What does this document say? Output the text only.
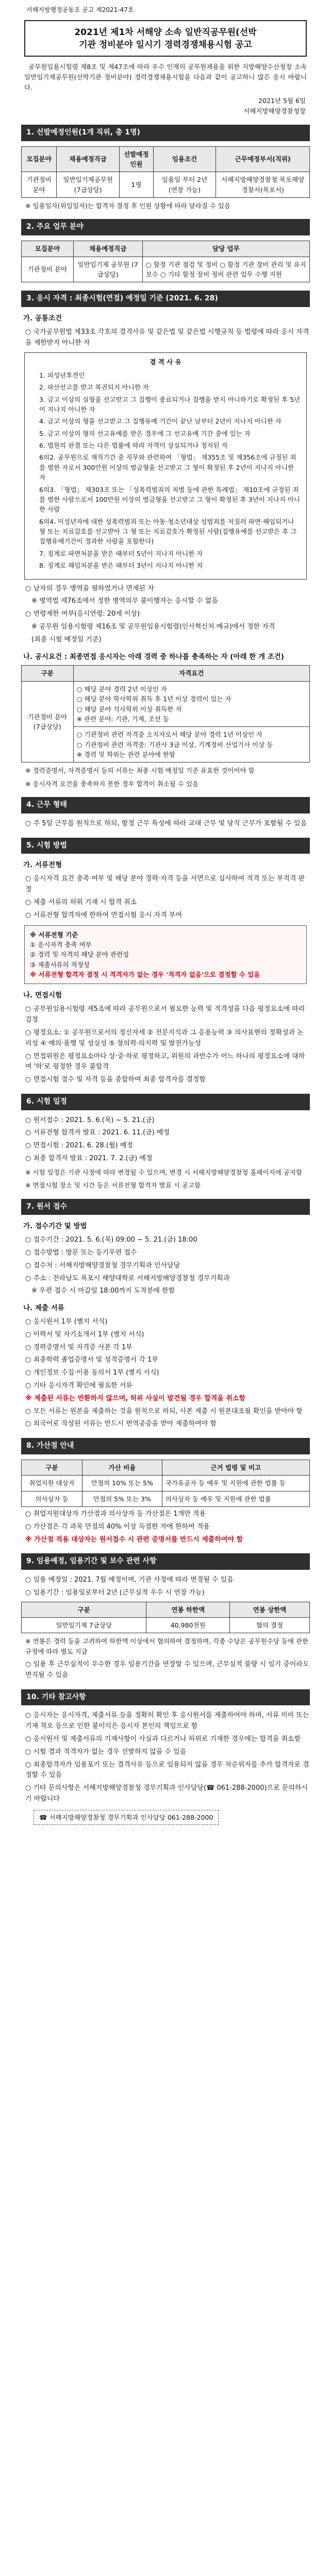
서해지방행정공동조 공고 제2021-47호
2021년 제1차 서해양 소속 일반직공무원(선박
기관 정비분야 일시기 경력경쟁채용시험 공고
공무원임용시험령 제8조 및 제47조에 따라 우수 인재의 공무원채용을 위한 지방해양수산청장 소속 일반임기제공무원(선박기관 정비분야) 경력경쟁채용시험을 다음과 같이 공고하니 많은 응시 바랍니다.
2021년 5월 6일
서해지방해양경찰청장
1. 선발예정인원(1개 직위, 총 1명)
모집분야	채용예정직급	선발예정인원	임용조건	근무예정부서(직위)
기관정비 분야	일반임기제공무원 (7급상당)	1명	임용일 부터 2년 (연장 가능)	서해지방해양경찰청 목포해양경찰서(목포서)
※ 임용일자(위임일자)는 합격자 결정 후 인원 상황에 따라 달라질 수 있음
2. 주요 업무 분야
모집분야	채용예정직급	담당 업무
기관정비 분야	일반임기제 공무원 (7급상당)	○ 함정 기관 점검 및 정비 ○ 함정 기관 장비 관리 및 유지 보수 ○ 기타 함정 장비 정비 관련 업무 수행 지원
3. 응시 자격 : 최종시험(면접) 예정일 기준 (2021. 6. 28)
가. 공통조건
○ 국가공무원법 제33조 각호의 결격사유 및 같은법 및 같은법 시행규칙 등 법령에 따라 응시 자격을 제한받지 아니한 자
결 격 사 유
1. 피성년후견인
2. 파산선고를 받고 복권되지 아니한 자
3. 금고 이상의 실형을 선고받고 그 집행이 종료되거나 집행을 받지 아니하기로 확정된 후 5년이 지나지 아니한 자
4. 금고 이상의 형을 선고받고 그 집행유예 기간이 끝난 날부터 2년이 지나지 아니한 자
5. 금고 이상의 형의 선고유예를 받은 경우에 그 선고유예 기간 중에 있는 자
6. 법원의 판결 또는 다른 법률에 따라 자격이 상실되거나 정지된 자
6의2. 공무원으로 재직기간 중 직무와 관련하여 「형법」 제355조 및 제356조에 규정된 죄를 범한 자로서 300만원 이상의 벌금형을 선고받고 그 형이 확정된 후 2년이 지나지 아니한 자
6의3. 「형법」 제303조 또는 「성폭력범죄의 처벌 등에 관한 특례법」 제10조에 규정된 죄를 범한 사람으로서 100만원 이상의 벌금형을 선고받고 그 형이 확정된 후 3년이 지나지 아니한 사람
6의4. 미성년자에 대한 성폭력범죄 또는 아동·청소년대상 성범죄를 저질러 파면·해임되거나 형 또는 치료감호를 선고받아 그 형 또는 치료감호가 확정된 사람(집행유예를 선고받은 후 그 집행유예기간이 경과한 사람을 포함한다)
7. 징계로 파면처분을 받은 때부터 5년이 지나지 아니한 자
8. 징계로 해임처분을 받은 때부터 3년이 지나지 아니한 자
○ 남자의 경우 병역을 필하였거나 면제된 자
※ 병역법 제76조에서 정한 병역의무 불이행자는 응시할 수 없음
○ 연령제한 여부(응시연령: 20세 이상)
※ 공무원 임용시험령 제16조 및 공무원임용시험령(인사혁신처 예규)에서 정한 자격
(최종 시험 예정일 기준)
나. 공시요건 : 최종면접 응시자는 아래 경력 중 하나를 충족하는 자 (아래 한 개 조건)
구분	자격요건
기관정비 분야 (7급상당)	○ 해당 분야 경력 2년 이상인 자
○ 해당 분야 학사학위 취득 후 1년 이상 경력이 있는 자
○ 해당 분야 석사학위 이상 취득한 자
※ 관련 분야: 기관, 기계, 조선 등
	○ 기관정비 관련 자격증 소지자로서 해당 분야 경력 1년 이상인 자
○ 기관정비 관련 자격증: 기관사 3급 이상, 기계정비 산업기사 이상 등
※ 경력 및 학위는 관련 분야에 한함
※ 경력증명서, 자격증명서 등의 서류는 최종 시험 예정일 기준 유효한 것이어야 함
※ 응시자격 요건을 충족하지 못한 경우 합격이 취소될 수 있음
4. 근무 형태
○ 주 5일 근무를 원칙으로 하되, 함정 근무 특성에 따라 교대 근무 및 당직 근무가 포함될 수 있음
5. 시험 방법
가. 서류전형
○ 응시자격 요건 충족 여부 및 해당 분야 경력·자격 등을 서면으로 심사하여 적격 또는 부적격 판정
○ 제출 서류의 허위 기재 시 합격 취소
○ 서류전형 합격자에 한하여 면접시험 응시 자격 부여
※ 서류전형 기준
① 응시자격 충족 여부
② 경력 및 자격의 해당 분야 관련성
③ 제출서류의 적정성
※ 서류전형 합격자 결정 시 적격자가 없는 경우 '적격자 없음'으로 결정할 수 있음
나. 면접시험
○ 공무원임용시험령 제5조에 따라 공무원으로서 필요한 능력 및 적격성을 다음 평정요소에 따라 검정
○ 평정요소: ① 공무원으로서의 정신자세 ② 전문지식과 그 응용능력 ③ 의사표현의 정확성과 논리성 ④ 예의·품행 및 성실성 ⑤ 창의력·의지력 및 발전가능성
○ 면접위원은 평정요소마다 상·중·하로 평정하고, 위원의 과반수가 어느 하나의 평정요소에 대하여 '하'로 평정한 경우 불합격
○ 면접시험 점수 및 자격 등을 종합하여 최종 합격자를 결정함
6. 시험 일정
○ 원서접수 : 2021. 5. 6.(목) ~ 5. 21.(금)
○ 서류전형 합격자 발표 : 2021. 6. 11.(금) 예정
○ 면접시험 : 2021. 6. 28.(월) 예정
○ 최종 합격자 발표 : 2021. 7. 2.(금) 예정
※ 시험 일정은 기관 사정에 따라 변경될 수 있으며, 변경 시 서해지방해양경찰청 홈페이지에 공지함
※ 면접시험 장소 및 시간 등은 서류전형 합격자 발표 시 공고함
7. 원서 접수
가. 접수기간 및 방법
○ 접수기간 : 2021. 5. 6.(목) 09:00 ~ 5. 21.(금) 18:00
○ 접수방법 : 방문 또는 등기우편 접수
○ 접수처 : 서해지방해양경찰청 경무기획과 인사담당
○ 주소 : 전라남도 목포시 해양대학로 서해지방해양경찰청 경무기획과
※ 우편 접수 시 마감일 18:00까지 도착분에 한함
나. 제출 서류
○ 응시원서 1부 (별지 서식)
○ 이력서 및 자기소개서 1부 (별지 서식)
○ 경력증명서 및 자격증 사본 각 1부
○ 최종학력 졸업증명서 및 성적증명서 각 1부
○ 개인정보 수집·이용 동의서 1부 (별지 서식)
○ 기타 응시자격 확인에 필요한 서류
※ 제출된 서류는 반환하지 않으며, 허위 사실이 발견될 경우 합격을 취소함
○ 모든 서류는 원본을 제출하는 것을 원칙으로 하되, 사본 제출 시 원본대조필 확인을 받아야 함
○ 외국어로 작성된 서류는 반드시 번역공증을 받아 제출하여야 함
8. 가산점 안내
구분	가산 비율	근거 법령 및 비고
취업지원 대상자	만점의 10% 또는 5%	국가유공자 등 예우 및 지원에 관한 법률 등
의사상자 등	만점의 5% 또는 3%	의사상자 등 예우 및 지원에 관한 법률
○ 취업지원대상자 가산점과 의사상자 등 가산점은 1개만 적용
○ 가산점은 각 과목 만점의 40% 이상 득점한 자에 한하여 적용
※ 가산점 적용 대상자는 원서접수 시 관련 증명서를 반드시 제출하여야 함
9. 임용예정, 임용기간 및 보수 관련 사항
○ 임용 예정일 : 2021. 7월 예정이며, 기관 사정에 따라 변경될 수 있음
○ 임용기간 : 임용일로부터 2년 (근무실적 우수 시 연장 가능)
구분	연봉 하한액	연봉 상한액
일반임기제 7급상당	40,980천원	협의 결정
※ 연봉은 경력 등을 고려하여 하한액 이상에서 협의하여 결정하며, 각종 수당은 공무원수당 등에 관한 규정에 따라 별도 지급
○ 임용 후 근무실적이 우수한 경우 임용기간을 연장할 수 있으며, 근무실적 불량 시 임기 중이라도 면직될 수 있음
10. 기타 참고사항
○ 응시자는 응시자격, 제출서류 등을 정확히 확인 후 응시원서를 제출하여야 하며, 서류 미비 또는 기재 착오 등으로 인한 불이익은 응시자 본인의 책임으로 함
○ 응시원서 및 제출서류의 기재사항이 사실과 다르거나 허위로 기재한 경우에는 합격을 취소함
○ 시험 결과 적격자가 없는 경우 선발하지 않을 수 있음
○ 최종합격자가 임용포기 또는 결격사유 등으로 임용되지 않을 경우 차순위자를 추가 합격자로 결정할 수 있음
○ 기타 문의사항은 서해지방해양경찰청 경무기획과 인사담당(☎ 061-288-2000)으로 문의하시기 바랍니다
☎ 서해지방해양경찰청 경무기획과 인사담당 061-288-2000
